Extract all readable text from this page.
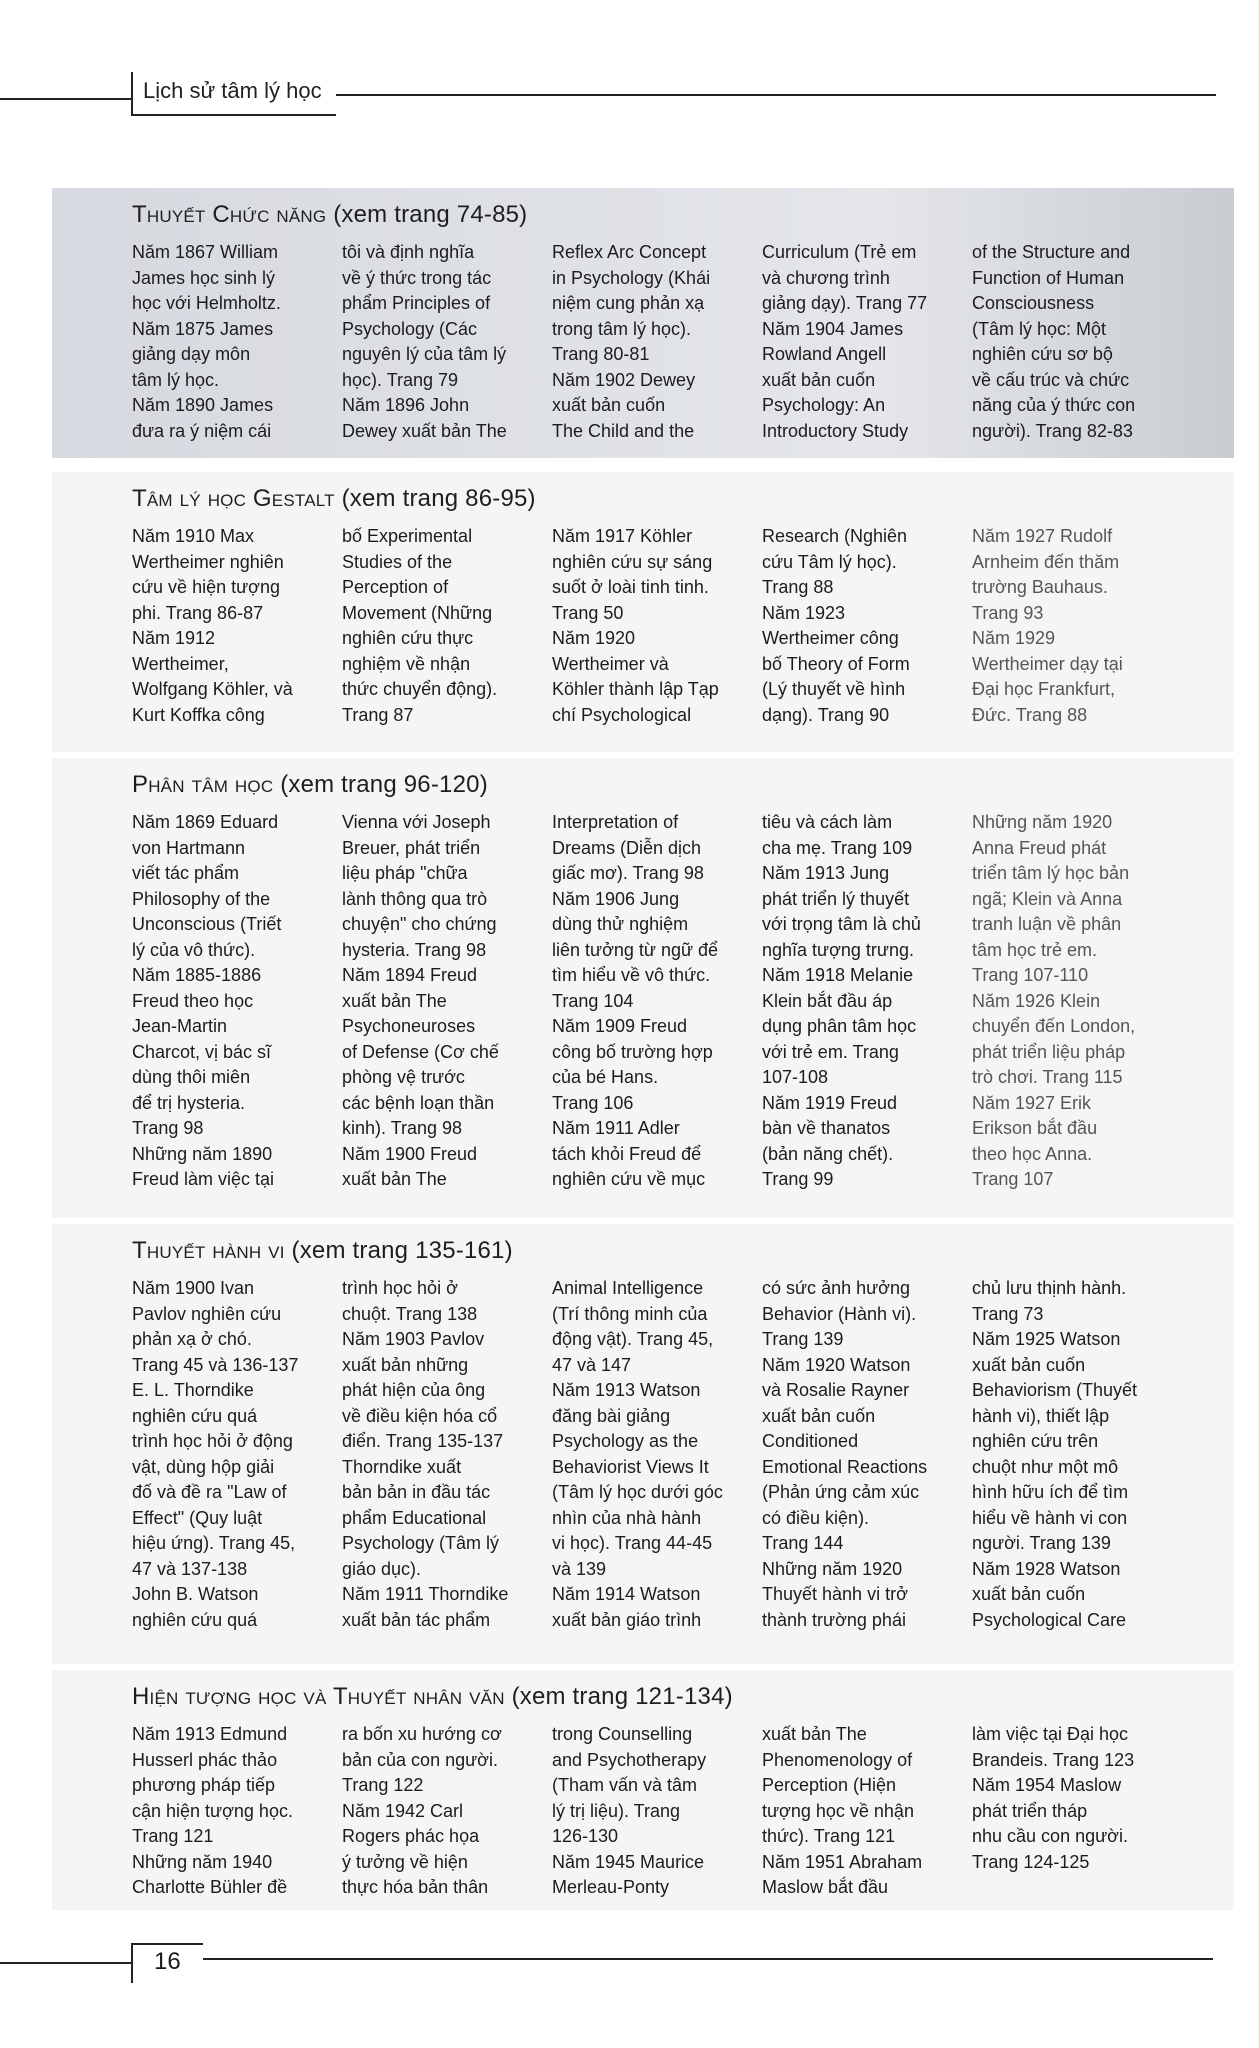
Lịch sử tâm lý học
Thuyết Chức năng (xem trang 74-85)
Năm 1867 William
James học sinh lý
học với Helmholtz.
Năm 1875 James
giảng dạy môn
tâm lý học.
Năm 1890 James
đưa ra ý niệm cái
tôi và định nghĩa
về ý thức trong tác
phẩm Principles of
Psychology (Các
nguyên lý của tâm lý
học). Trang 79
Năm 1896 John
Dewey xuất bản The
Reflex Arc Concept
in Psychology (Khái
niệm cung phản xạ
trong tâm lý học).
Trang 80-81
Năm 1902 Dewey
xuất bản cuốn
The Child and the
Curriculum (Trẻ em
và chương trình
giảng dạy). Trang 77
Năm 1904 James
Rowland Angell
xuất bản cuốn
Psychology: An
Introductory Study
of the Structure and
Function of Human
Consciousness
(Tâm lý học: Một
nghiên cứu sơ bộ
về cấu trúc và chức
năng của ý thức con
người). Trang 82-83
Tâm lý học Gestalt (xem trang 86-95)
Năm 1910 Max
Wertheimer nghiên
cứu về hiện tượng
phi. Trang 86-87
Năm 1912
Wertheimer,
Wolfgang Köhler, và
Kurt Koffka công
bố Experimental
Studies of the
Perception of
Movement (Những
nghiên cứu thực
nghiệm về nhận
thức chuyển động).
Trang 87
Năm 1917 Köhler
nghiên cứu sự sáng
suốt ở loài tinh tinh.
Trang 50
Năm 1920
Wertheimer và
Köhler thành lập Tạp
chí Psychological
Research (Nghiên
cứu Tâm lý học).
Trang 88
Năm 1923
Wertheimer công
bố Theory of Form
(Lý thuyết về hình
dạng). Trang 90
Năm 1927 Rudolf
Arnheim đến thăm
trường Bauhaus.
Trang 93
Năm 1929
Wertheimer dạy tại
Đại học Frankfurt,
Đức. Trang 88
Phân tâm học (xem trang 96-120)
Năm 1869 Eduard
von Hartmann
viết tác phẩm
Philosophy of the
Unconscious (Triết
lý của vô thức).
Năm 1885-1886
Freud theo học
Jean-Martin
Charcot, vị bác sĩ
dùng thôi miên
để trị hysteria.
Trang 98
Những năm 1890
Freud làm việc tại
Vienna với Joseph
Breuer, phát triển
liệu pháp "chữa
lành thông qua trò
chuyện" cho chứng
hysteria. Trang 98
Năm 1894 Freud
xuất bản The
Psychoneuroses
of Defense (Cơ chế
phòng vệ trước
các bệnh loạn thần
kinh). Trang 98
Năm 1900 Freud
xuất bản The
Interpretation of
Dreams (Diễn dịch
giấc mơ). Trang 98
Năm 1906 Jung
dùng thử nghiệm
liên tưởng từ ngữ để
tìm hiểu về vô thức.
Trang 104
Năm 1909 Freud
công bố trường hợp
của bé Hans.
Trang 106
Năm 1911 Adler
tách khỏi Freud để
nghiên cứu về mục
tiêu và cách làm
cha mẹ. Trang 109
Năm 1913 Jung
phát triển lý thuyết
với trọng tâm là chủ
nghĩa tượng trưng.
Năm 1918 Melanie
Klein bắt đầu áp
dụng phân tâm học
với trẻ em. Trang
107-108
Năm 1919 Freud
bàn về thanatos
(bản năng chết).
Trang 99
Những năm 1920
Anna Freud phát
triển tâm lý học bản
ngã; Klein và Anna
tranh luận về phân
tâm học trẻ em.
Trang 107-110
Năm 1926 Klein
chuyển đến London,
phát triển liệu pháp
trò chơi. Trang 115
Năm 1927 Erik
Erikson bắt đầu
theo học Anna.
Trang 107
Thuyết hành vi (xem trang 135-161)
Năm 1900 Ivan
Pavlov nghiên cứu
phản xạ ở chó.
Trang 45 và 136-137
E. L. Thorndike
nghiên cứu quá
trình học hỏi ở động
vật, dùng hộp giải
đố và đề ra "Law of
Effect" (Quy luật
hiệu ứng). Trang 45,
47 và 137-138
John B. Watson
nghiên cứu quá
trình học hỏi ở
chuột. Trang 138
Năm 1903 Pavlov
xuất bản những
phát hiện của ông
về điều kiện hóa cổ
điển. Trang 135-137
Thorndike xuất
bản bản in đầu tác
phẩm Educational
Psychology (Tâm lý
giáo dục).
Năm 1911 Thorndike
xuất bản tác phẩm
Animal Intelligence
(Trí thông minh của
động vật). Trang 45,
47 và 147
Năm 1913 Watson
đăng bài giảng
Psychology as the
Behaviorist Views It
(Tâm lý học dưới góc
nhìn của nhà hành
vi học). Trang 44-45
và 139
Năm 1914 Watson
xuất bản giáo trình
có sức ảnh hưởng
Behavior (Hành vi).
Trang 139
Năm 1920 Watson
và Rosalie Rayner
xuất bản cuốn
Conditioned
Emotional Reactions
(Phản ứng cảm xúc
có điều kiện).
Trang 144
Những năm 1920
Thuyết hành vi trở
thành trường phái
chủ lưu thịnh hành.
Trang 73
Năm 1925 Watson
xuất bản cuốn
Behaviorism (Thuyết
hành vi), thiết lập
nghiên cứu trên
chuột như một mô
hình hữu ích để tìm
hiểu về hành vi con
người. Trang 139
Năm 1928 Watson
xuất bản cuốn
Psychological Care
Hiện tượng học và Thuyết nhân văn (xem trang 121-134)
Năm 1913 Edmund
Husserl phác thảo
phương pháp tiếp
cận hiện tượng học.
Trang 121
Những năm 1940
Charlotte Bühler đề
ra bốn xu hướng cơ
bản của con người.
Trang 122
Năm 1942 Carl
Rogers phác họa
ý tưởng về hiện
thực hóa bản thân
trong Counselling
and Psychotherapy
(Tham vấn và tâm
lý trị liệu). Trang
126-130
Năm 1945 Maurice
Merleau-Ponty
xuất bản The
Phenomenology of
Perception (Hiện
tượng học về nhận
thức). Trang 121
Năm 1951 Abraham
Maslow bắt đầu
làm việc tại Đại học
Brandeis. Trang 123
Năm 1954 Maslow
phát triển tháp
nhu cầu con người.
Trang 124-125
16
